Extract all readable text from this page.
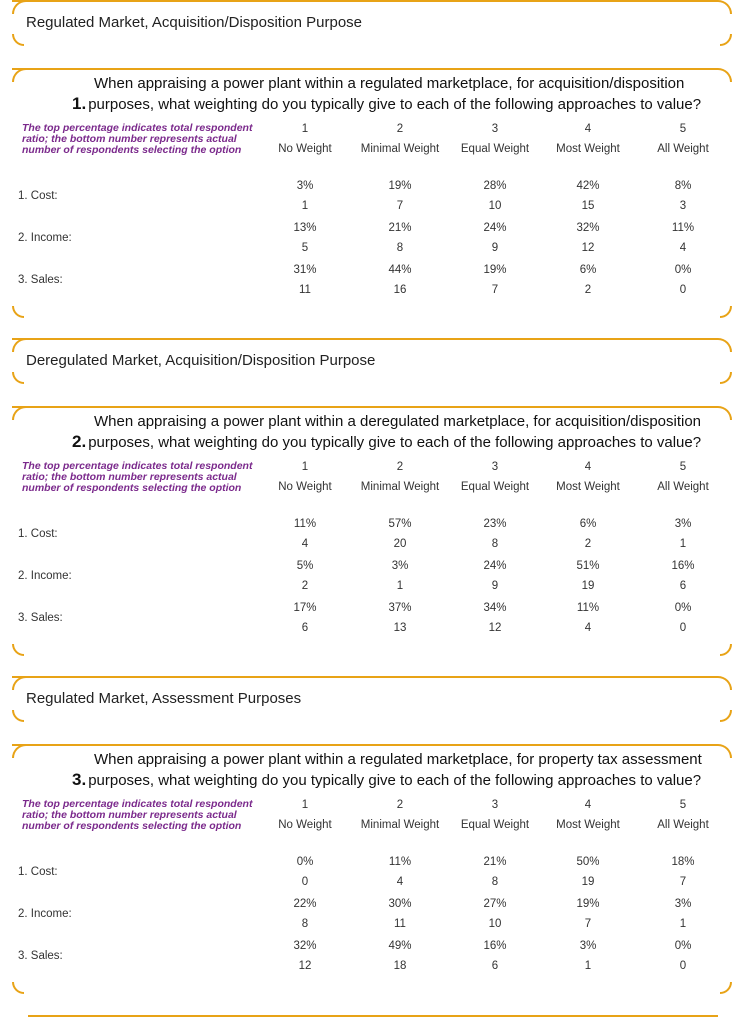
Regulated Market, Acquisition/Disposition Purpose
When appraising a power plant within a regulated marketplace, for acquisition/disposition
1. purposes, what weighting do you typically give to each of the following approaches to value?
The top percentage indicates total respondent ratio; the bottom number represents actual number of respondents selecting the option
1
No Weight
2
Minimal Weight
3
Equal Weight
4
Most Weight
5
All Weight
1. Cost:
3%	19%	28%	42%	8%
1	7	10	15	3
2. Income:
13%	21%	24%	32%	11%
5	8	9	12	4
3. Sales:
31%	44%	19%	6%	0%
11	16	7	2	0
Deregulated Market, Acquisition/Disposition Purpose
When appraising a power plant within a deregulated marketplace, for acquisition/disposition
2. purposes, what weighting do you typically give to each of the following approaches to value?
The top percentage indicates total respondent ratio; the bottom number represents actual number of respondents selecting the option
1
No Weight
2
Minimal Weight
3
Equal Weight
4
Most Weight
5
All Weight
1. Cost:
11%	57%	23%	6%	3%
4	20	8	2	1
2. Income:
5%	3%	24%	51%	16%
2	1	9	19	6
3. Sales:
17%	37%	34%	11%	0%
6	13	12	4	0
Regulated Market, Assessment Purposes
When appraising a power plant within a regulated marketplace, for property tax assessment
3. purposes, what weighting do you typically give to each of the following approaches to value?
The top percentage indicates total respondent ratio; the bottom number represents actual number of respondents selecting the option
1
No Weight
2
Minimal Weight
3
Equal Weight
4
Most Weight
5
All Weight
1. Cost:
0%	11%	21%	50%	18%
0	4	8	19	7
2. Income:
22%	30%	27%	19%	3%
8	11	10	7	1
3. Sales:
32%	49%	16%	3%	0%
12	18	6	1	0
